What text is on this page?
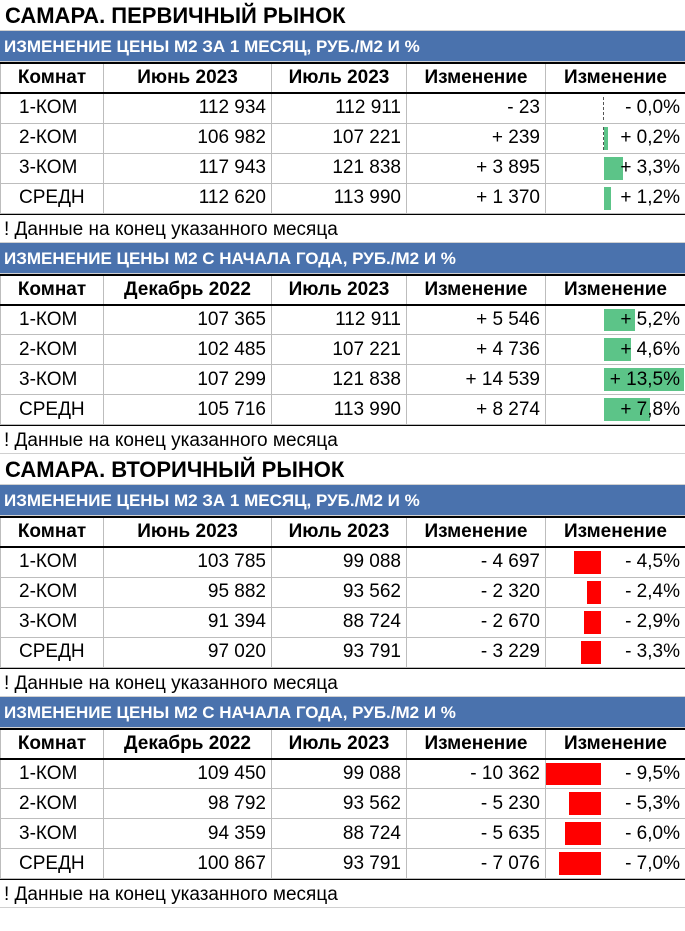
САМАРА. ПЕРВИЧНЫЙ РЫНОК
ИЗМЕНЕНИЕ ЦЕНЫ М2 ЗА 1 МЕСЯЦ, РУБ./М2 И %
Комнат	Июнь 2023	Июль 2023	Изменение	Изменение
1-КОМ	112 934	112 911	- 23	- 0,0%

2-КОМ	106 982	107 221	+ 239	+ 0,2%

3-КОМ	117 943	121 838	+ 3 895	+ 3,3%
СРЕДН	112 620	113 990	+ 1 370	+ 1,2%
! Данные на конец указанного месяца
ИЗМЕНЕНИЕ ЦЕНЫ М2 С НАЧАЛА ГОДА, РУБ./М2 И %
Комнат	Декабрь 2022	Июль 2023	Изменение	Изменение
1-КОМ	107 365	112 911	+ 5 546	+ 5,2%
2-КОМ	102 485	107 221	+ 4 736	+ 4,6%
3-КОМ	107 299	121 838	+ 14 539	+ 13,5%
СРЕДН	105 716	113 990	+ 8 274	+ 7,8%
! Данные на конец указанного месяца
САМАРА. ВТОРИЧНЫЙ РЫНОК
ИЗМЕНЕНИЕ ЦЕНЫ М2 ЗА 1 МЕСЯЦ, РУБ./М2 И %
Комнат	Июнь 2023	Июль 2023	Изменение	Изменение
1-КОМ	103 785	99 088	- 4 697	- 4,5%
2-КОМ	95 882	93 562	- 2 320	- 2,4%
3-КОМ	91 394	88 724	- 2 670	- 2,9%
СРЕДН	97 020	93 791	- 3 229	- 3,3%
! Данные на конец указанного месяца
ИЗМЕНЕНИЕ ЦЕНЫ М2 С НАЧАЛА ГОДА, РУБ./М2 И %
Комнат	Декабрь 2022	Июль 2023	Изменение	Изменение
1-КОМ	109 450	99 088	- 10 362	- 9,5%
2-КОМ	98 792	93 562	- 5 230	- 5,3%
3-КОМ	94 359	88 724	- 5 635	- 6,0%
СРЕДН	100 867	93 791	- 7 076	- 7,0%
! Данные на конец указанного месяца
